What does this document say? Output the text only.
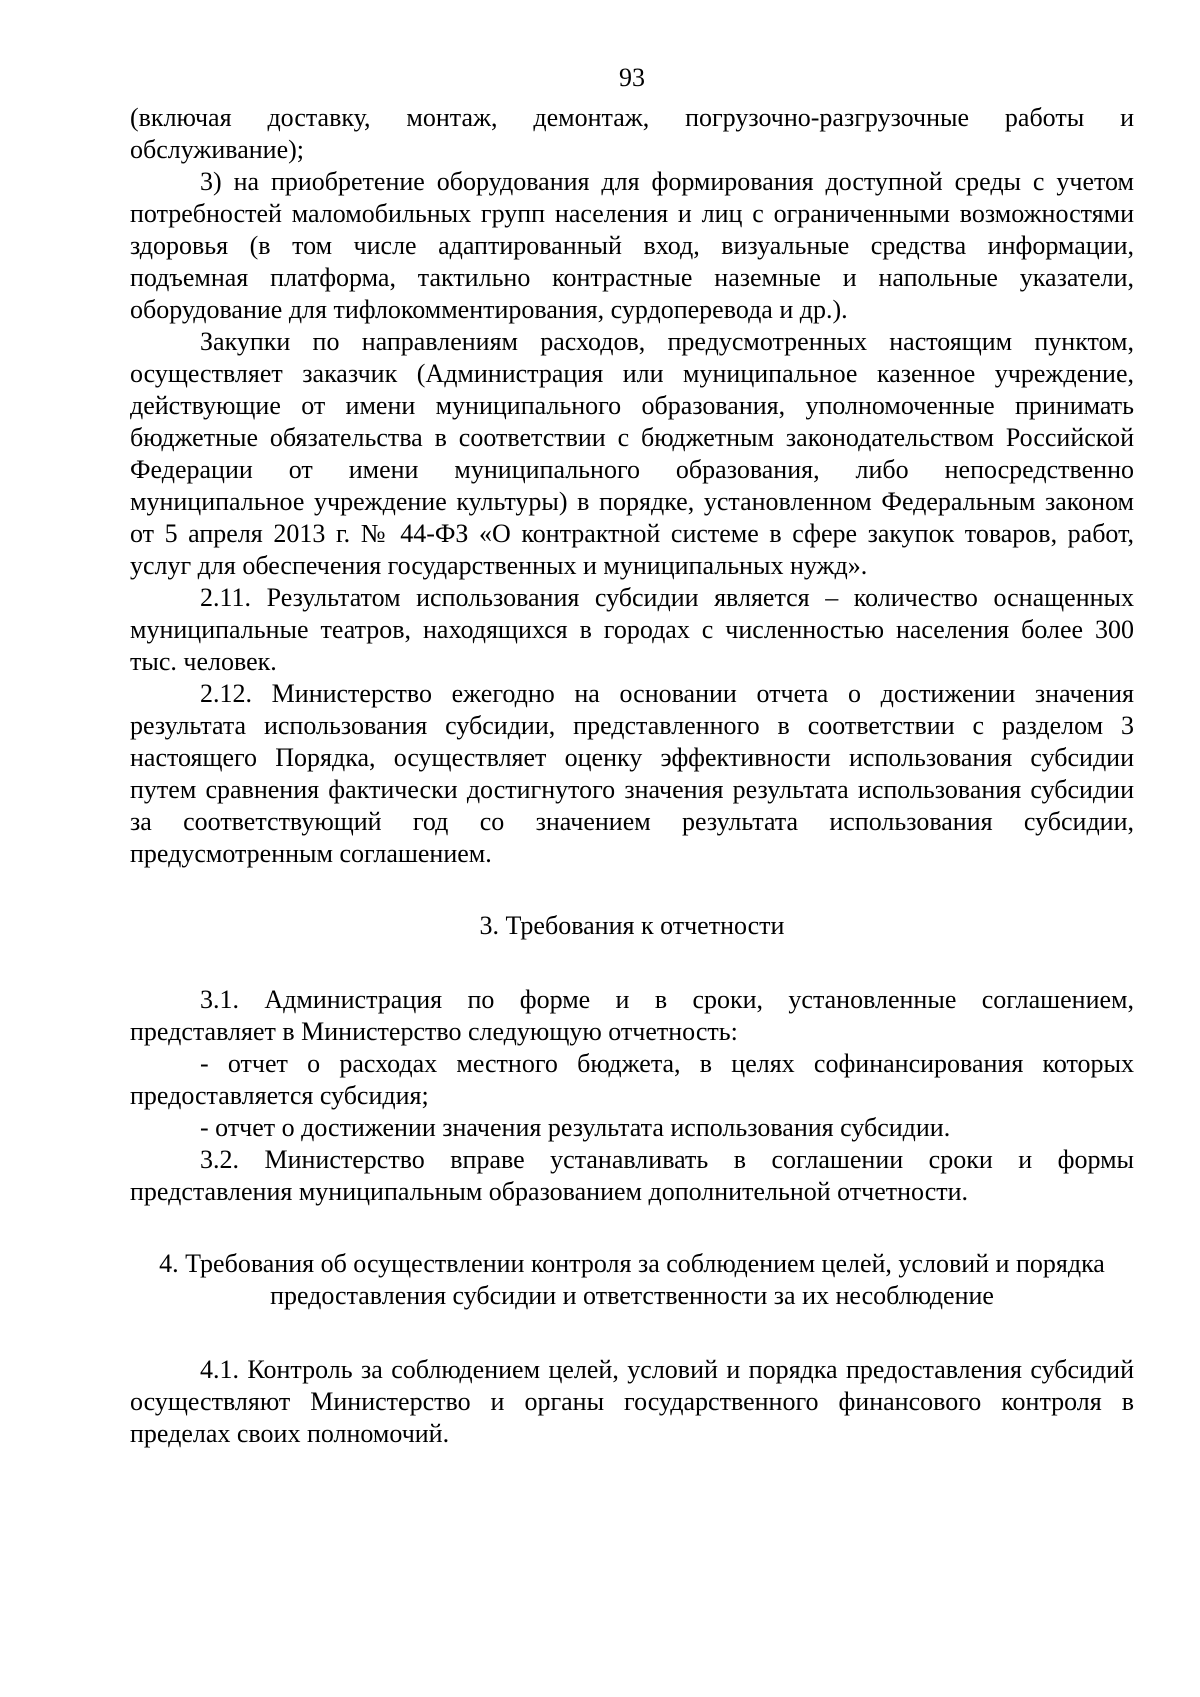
93

(включая доставку, монтаж, демонтаж, погрузочно-разгрузочные работы и обслуживание);

3) на приобретение оборудования для формирования доступной среды с учетом потребностей маломобильных групп населения и лиц с ограниченными возможностями здоровья (в том числе адаптированный вход, визуальные средства информации, подъемная платформа, тактильно контрастные наземные и напольные указатели, оборудование для тифлокомментирования, сурдоперевода и др.).

Закупки по направлениям расходов, предусмотренных настоящим пунктом, осуществляет заказчик (Администрация или муниципальное казенное учреждение, действующие от имени муниципального образования, уполномоченные принимать бюджетные обязательства в соответствии с бюджетным законодательством Российской Федерации от имени муниципального образования, либо непосредственно муниципальное учреждение культуры) в порядке, установленном Федеральным законом от 5 апреля 2013 г. № 44-ФЗ «О контрактной системе в сфере закупок товаров, работ, услуг для обеспечения государственных и муниципальных нужд».

2.11. Результатом использования субсидии является – количество оснащенных муниципальные театров, находящихся в городах с численностью населения более 300 тыс. человек.

2.12. Министерство ежегодно на основании отчета о достижении значения результата использования субсидии, представленного в соответствии с разделом 3 настоящего Порядка, осуществляет оценку эффективности использования субсидии путем сравнения фактически достигнутого значения результата использования субсидии за соответствующий год со значением результата использования субсидии, предусмотренным соглашением.

3. Требования к отчетности

3.1. Администрация по форме и в сроки, установленные соглашением, представляет в Министерство следующую отчетность:

- отчет о расходах местного бюджета, в целях софинансирования которых предоставляется субсидия;

- отчет о достижении значения результата использования субсидии.

3.2. Министерство вправе устанавливать в соглашении сроки и формы представления муниципальным образованием дополнительной отчетности.

4. Требования об осуществлении контроля за соблюдением целей, условий и порядка предоставления субсидии и ответственности за их несоблюдение

4.1. Контроль за соблюдением целей, условий и порядка предоставления субсидий осуществляют Министерство и органы государственного финансового контроля в пределах своих полномочий.
